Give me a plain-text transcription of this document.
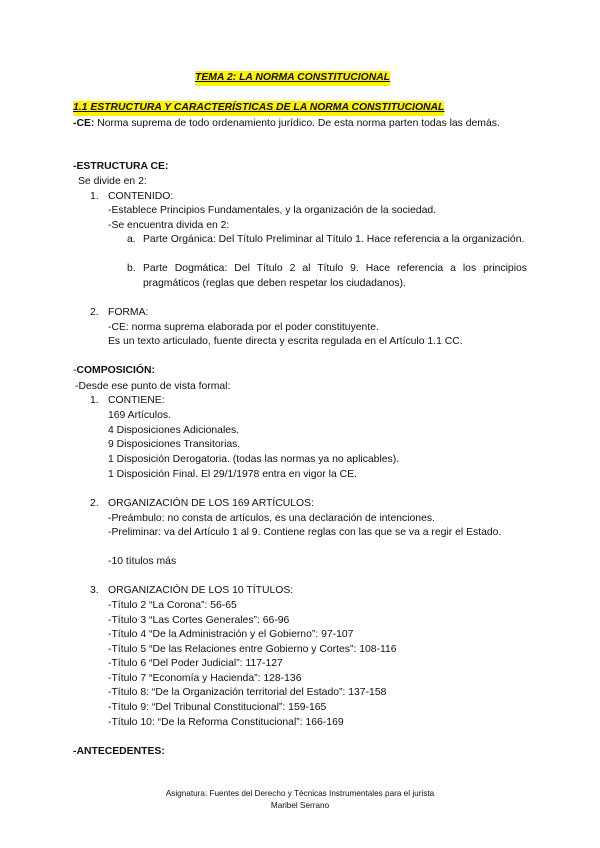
TEMA 2: LA NORMA CONSTITUCIONAL
1.1 ESTRUCTURA Y CARACTERÍSTICAS DE LA NORMA CONSTITUCIONAL
-CE: Norma suprema de todo ordenamiento jurídico. De esta norma parten todas las demás.
-ESTRUCTURA CE:
Se divide en 2:
1. CONTENIDO:
-Establece Principios Fundamentales, y la organización de la sociedad.
-Se encuentra divida en 2:
a. Parte Orgánica: Del Título Preliminar al Título 1. Hace referencia a la organización.
b. Parte Dogmática: Del Título 2 al Título 9. Hace referencia a los principios pragmáticos (reglas que deben respetar los ciudadanos).
2. FORMA:
-CE: norma suprema elaborada por el poder constituyente.
Es un texto articulado, fuente directa y escrita regulada en el Artículo 1.1 CC.
-COMPOSICIÓN:
-Desde ese punto de vista formal:
1. CONTIENE:
169 Artículos.
4 Disposiciones Adicionales.
9 Disposiciones Transitorias.
1 Disposición Derogatoria. (todas las normas ya no aplicables).
1 Disposición Final. El 29/1/1978 entra en vigor la CE.
2. ORGANIZACIÓN DE LOS 169 ARTÍCULOS:
-Preámbulo: no consta de artículos, es una declaración de intenciones.
-Preliminar: va del Artículo 1 al 9. Contiene reglas con las que se va a regir el Estado.
-10 títulos más
3. ORGANIZACIÓN DE LOS 10 TÍTULOS:
-Título 2 “La Corona”: 56-65
-Título 3 “Las Cortes Generales”: 66-96
-Título 4 “De la Administración y el Gobierno”: 97-107
-Título 5 “De las Relaciones entre Gobierno y Cortes”: 108-116
-Título 6 “Del Poder Judicial”: 117-127
-Título 7 “Economía y Hacienda”: 128-136
-Título 8: “De la Organización territorial del Estado”: 137-158
-Título 9: “Del Tribunal Constitucional”: 159-165
-Título 10: “De la Reforma Constitucional”: 166-169
-ANTECEDENTES:
Asignatura: Fuentes del Derecho y Técnicas Instrumentales para el jurista
Maribel Serrano
